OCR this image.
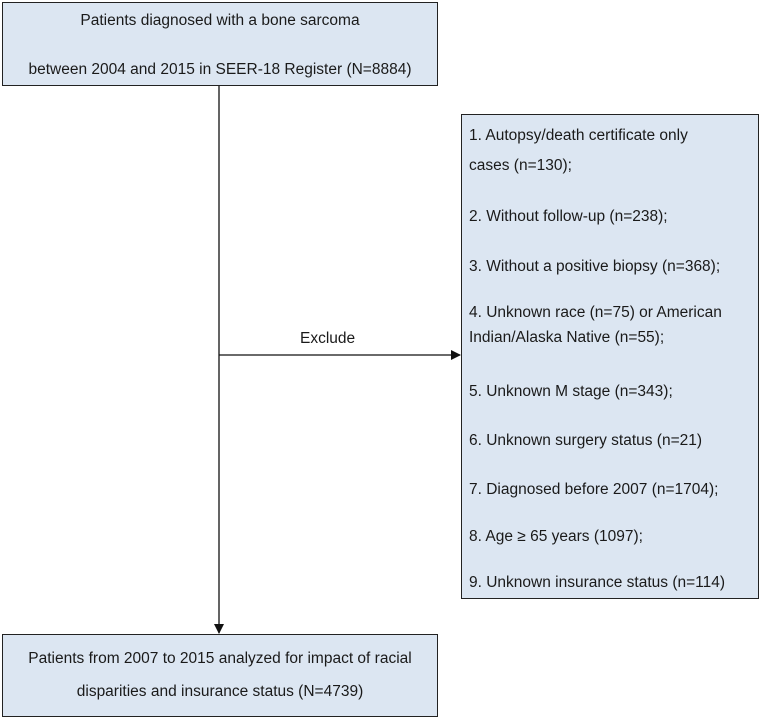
Patients diagnosed with a bone sarcoma
between 2004 and 2015 in SEER-18 Register (N=8884)
Exclude
1. Autopsy/death certificate only
cases (n=130);
2. Without follow-up (n=238);
3. Without a positive biopsy (n=368);
4. Unknown race (n=75) or American
Indian/Alaska Native (n=55);
5. Unknown M stage (n=343);
6. Unknown surgery status (n=21)
7. Diagnosed before 2007 (n=1704);
8. Age ≥ 65 years (1097);
9. Unknown insurance status (n=114)
Patients from 2007 to 2015 analyzed for impact of racial
disparities and insurance status (N=4739)
